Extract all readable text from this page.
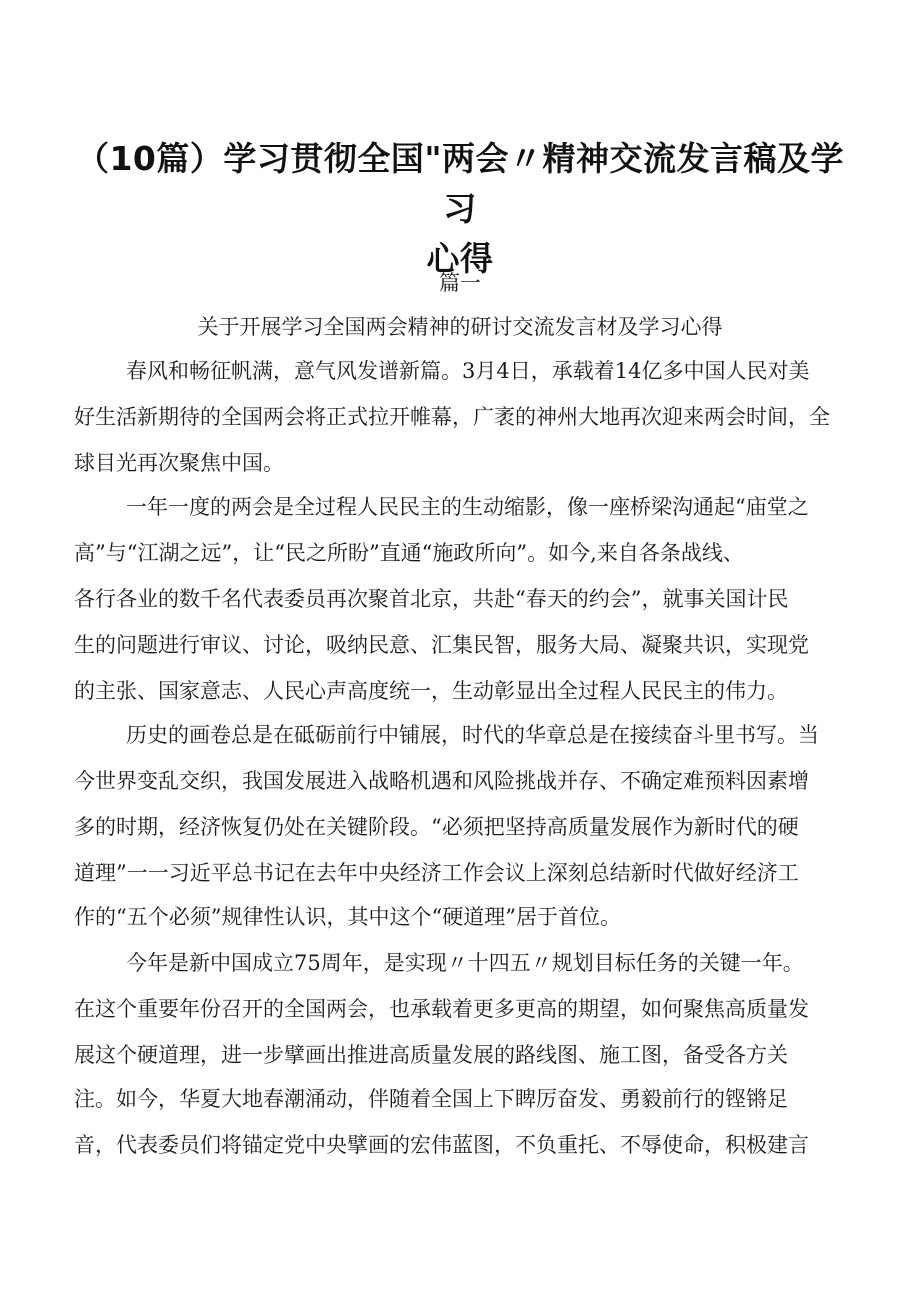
（10篇）学习贯彻全国"两会〃精神交流发言稿及学习
心得
篇一
关于开展学习全国两会精神的研讨交流发言材及学习心得
春风和畅征帆满，意气风发谱新篇。3月4日，承载着14亿多中国人民对美
好生活新期待的全国两会将正式拉开帷幕，广袤的神州大地再次迎来两会时间，全
球目光再次聚焦中国。
一年一度的两会是全过程人民民主的生动缩影，像一座桥梁沟通起“庙堂之
高”与“江湖之远”，让“民之所盼”直通“施政所向”。如今,来自各条战线、
各行各业的数千名代表委员再次聚首北京，共赴“春天的约会”，就事关国计民
生的问题进行审议、讨论，吸纳民意、汇集民智，服务大局、凝聚共识，实现党
的主张、国家意志、人民心声高度统一，生动彰显出全过程人民民主的伟力。
历史的画卷总是在砥砺前行中铺展，时代的华章总是在接续奋斗里书写。当
今世界变乱交织，我国发展进入战略机遇和风险挑战并存、不确定难预料因素增
多的时期，经济恢复仍处在关键阶段。“必须把坚持高质量发展作为新时代的硬
道理”一一习近平总书记在去年中央经济工作会议上深刻总结新时代做好经济工
作的“五个必须”规律性认识，其中这个“硬道理”居于首位。
今年是新中国成立75周年，是实现〃十四五〃规划目标任务的关键一年。
在这个重要年份召开的全国两会，也承载着更多更高的期望，如何聚焦高质量发
展这个硬道理，进一步擘画出推进高质量发展的路线图、施工图，备受各方关
注。如今，华夏大地春潮涌动，伴随着全国上下睥厉奋发、勇毅前行的铿锵足
音，代表委员们将锚定党中央擘画的宏伟蓝图，不负重托、不辱使命，积极建言
